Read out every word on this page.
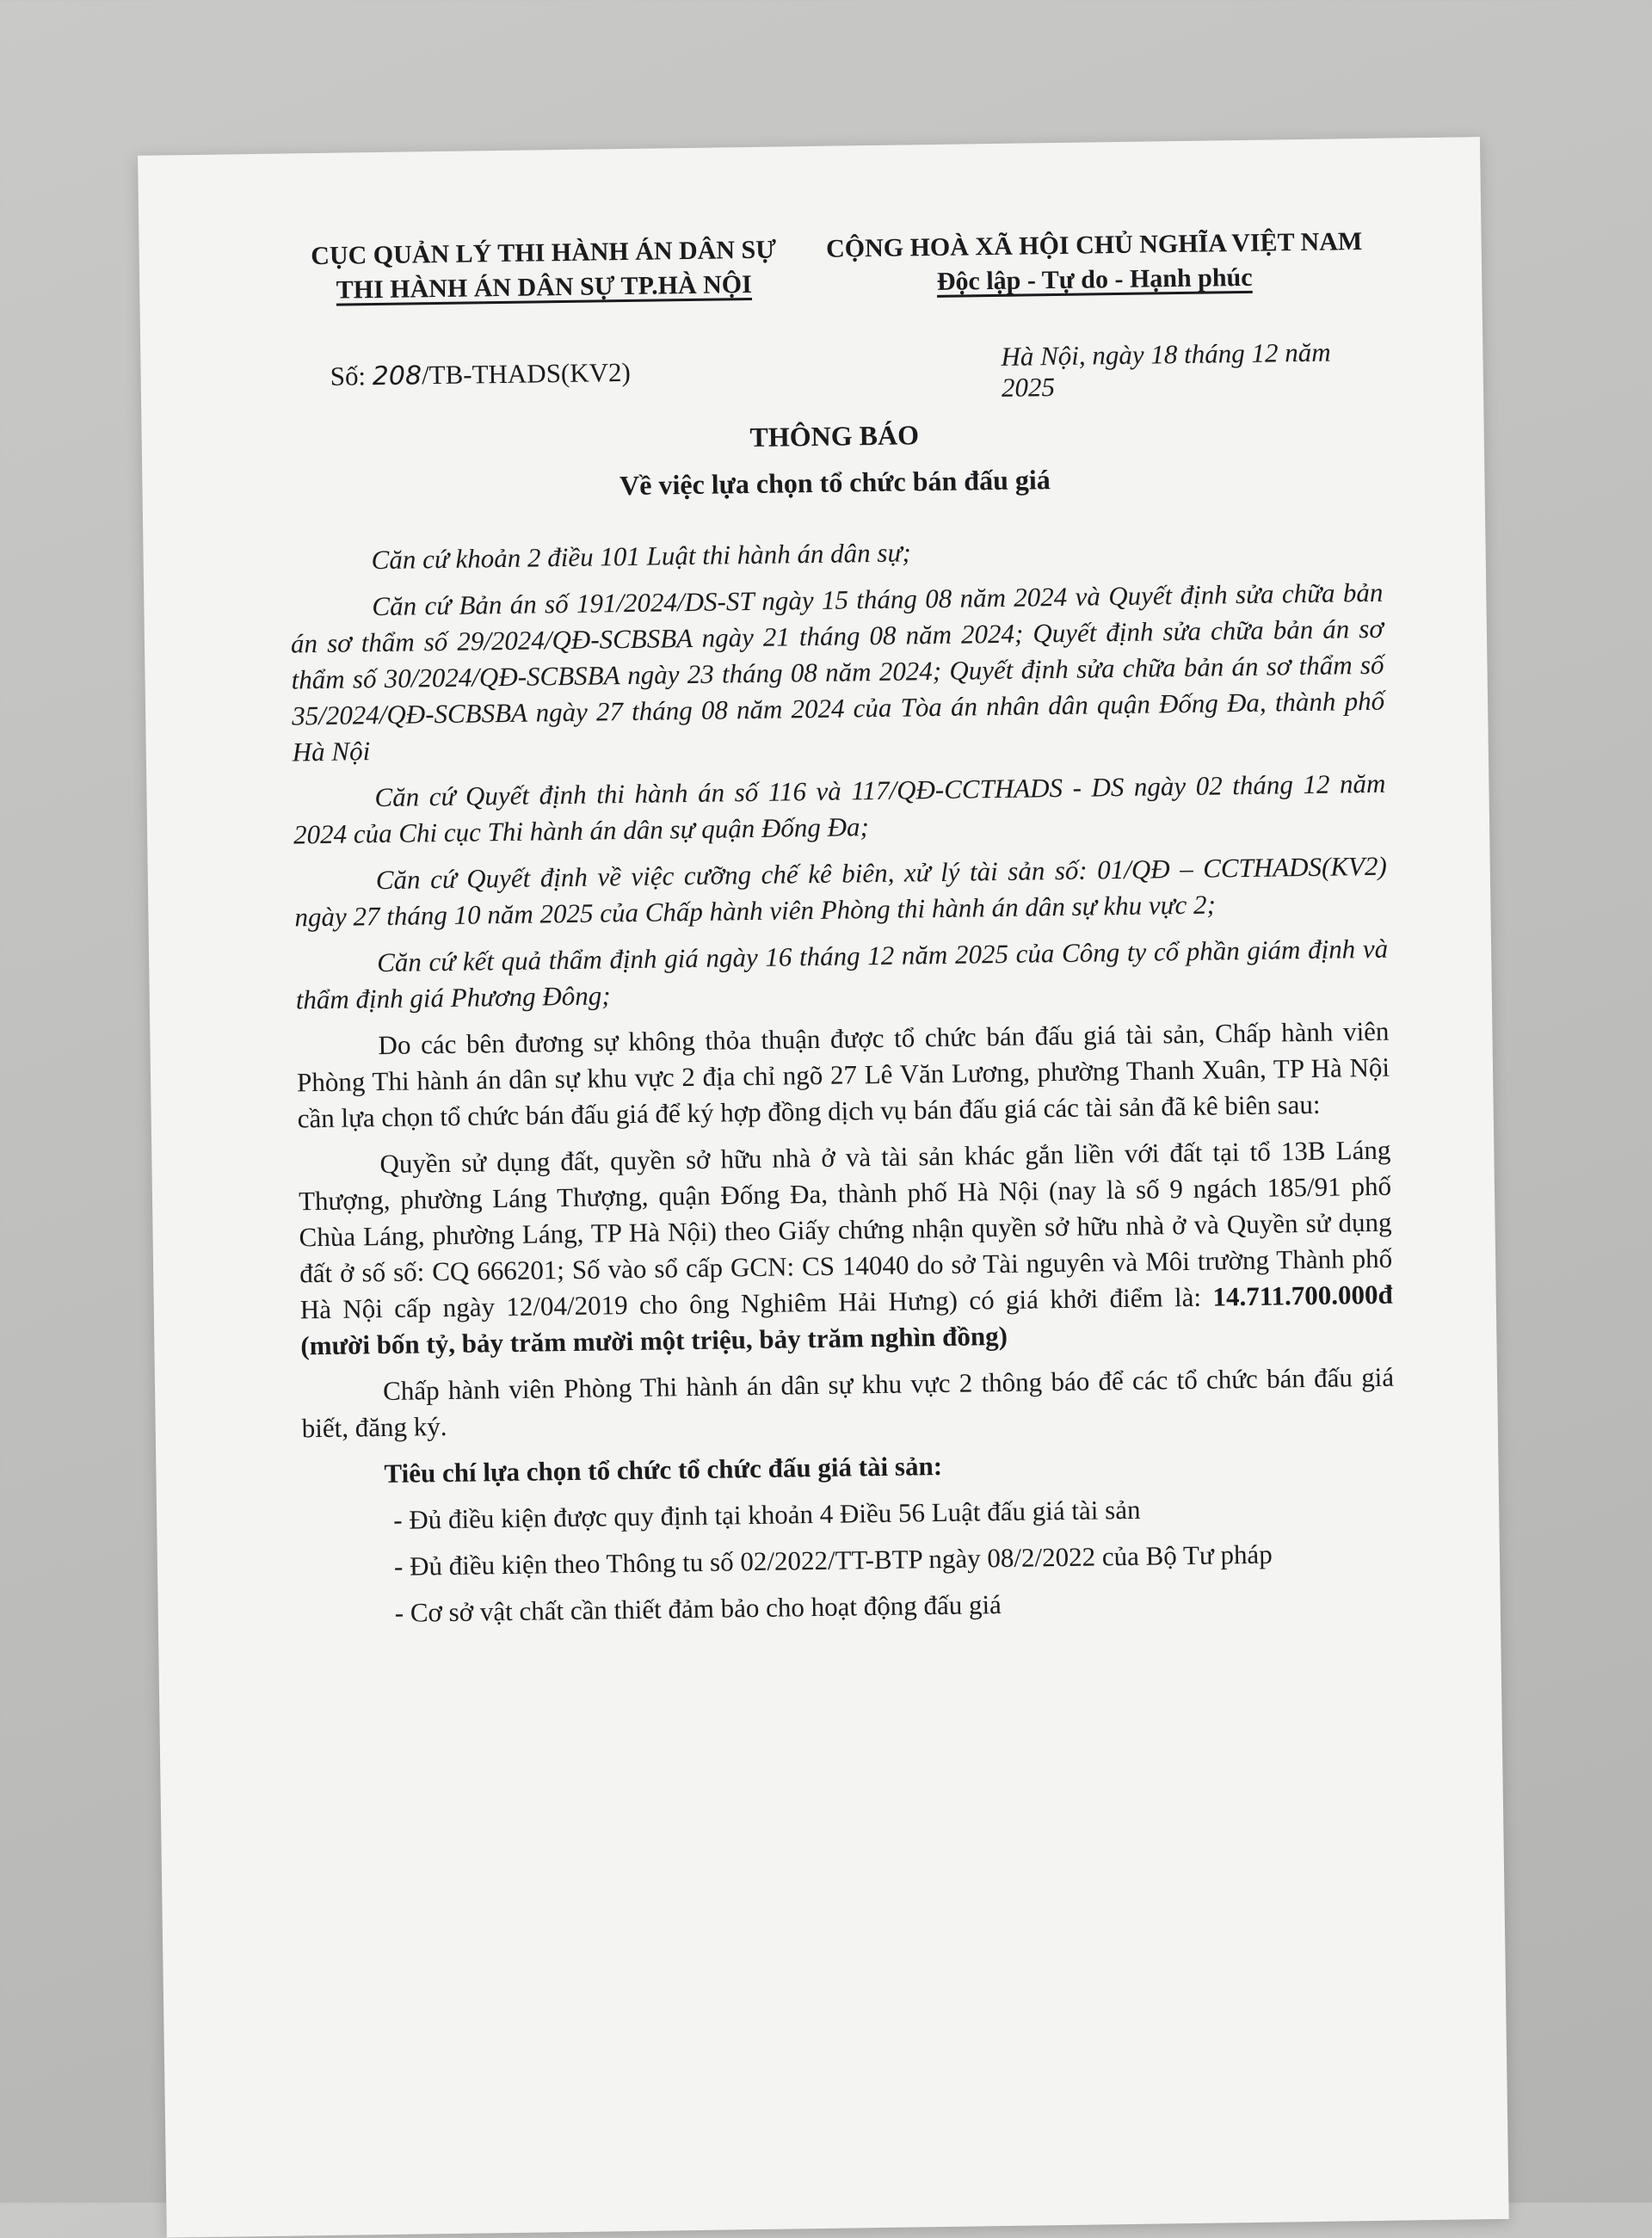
CỤC QUẢN LÝ THI HÀNH ÁN DÂN SỰ
THI HÀNH ÁN DÂN SỰ TP.HÀ NỘI
CỘNG HOÀ XÃ HỘI CHỦ NGHĨA VIỆT NAM
Độc lập - Tự do - Hạnh phúc
Số: 208/TB-THADS(KV2)
Hà Nội, ngày 18 tháng 12 năm 2025
THÔNG BÁO
Về việc lựa chọn tổ chức bán đấu giá

Căn cứ khoản 2 điều 101 Luật thi hành án dân sự;

Căn cứ Bản án số 191/2024/DS-ST ngày 15 tháng 08 năm 2024 và Quyết định sửa chữa bản án sơ thẩm số 29/2024/QĐ-SCBSBA ngày 21 tháng 08 năm 2024; Quyết định sửa chữa bản án sơ thẩm số 30/2024/QĐ-SCBSBA ngày 23 tháng 08 năm 2024; Quyết định sửa chữa bản án sơ thẩm số 35/2024/QĐ-SCBSBA ngày 27 tháng 08 năm 2024 của Tòa án nhân dân quận Đống Đa, thành phố Hà Nội

Căn cứ Quyết định thi hành án số 116 và 117/QĐ-CCTHADS - DS ngày 02 tháng 12 năm 2024 của Chi cục Thi hành án dân sự quận Đống Đa;

Căn cứ Quyết định về việc cưỡng chế kê biên, xử lý tài sản số: 01/QĐ – CCTHADS(KV2) ngày 27 tháng 10 năm 2025 của Chấp hành viên Phòng thi hành án dân sự khu vực 2;

Căn cứ kết quả thẩm định giá ngày 16 tháng 12 năm 2025 của Công ty cổ phần giám định và thẩm định giá Phương Đông;

Do các bên đương sự không thỏa thuận được tổ chức bán đấu giá tài sản, Chấp hành viên Phòng Thi hành án dân sự khu vực 2 địa chỉ ngõ 27 Lê Văn Lương, phường Thanh Xuân, TP Hà Nội cần lựa chọn tổ chức bán đấu giá để ký hợp đồng dịch vụ bán đấu giá các tài sản đã kê biên sau:

Quyền sử dụng đất, quyền sở hữu nhà ở và tài sản khác gắn liền với đất tại tổ 13B Láng Thượng, phường Láng Thượng, quận Đống Đa, thành phố Hà Nội (nay là số 9 ngách 185/91 phố Chùa Láng, phường Láng, TP Hà Nội) theo Giấy chứng nhận quyền sở hữu nhà ở và Quyền sử dụng đất ở số số: CQ 666201; Số vào sổ cấp GCN: CS 14040 do sở Tài nguyên và Môi trường Thành phố Hà Nội cấp ngày 12/04/2019 cho ông Nghiêm Hải Hưng) có giá khởi điểm là: 14.711.700.000đ (mười bốn tỷ, bảy trăm mười một triệu, bảy trăm nghìn đồng)

Chấp hành viên Phòng Thi hành án dân sự khu vực 2 thông báo để các tổ chức bán đấu giá biết, đăng ký.

Tiêu chí lựa chọn tổ chức tổ chức đấu giá tài sản:

- Đủ điều kiện được quy định tại khoản 4 Điều 56 Luật đấu giá tài sản

- Đủ điều kiện theo Thông tu số 02/2022/TT-BTP ngày 08/2/2022 của Bộ Tư pháp

- Cơ sở vật chất cần thiết đảm bảo cho hoạt động đấu giá
